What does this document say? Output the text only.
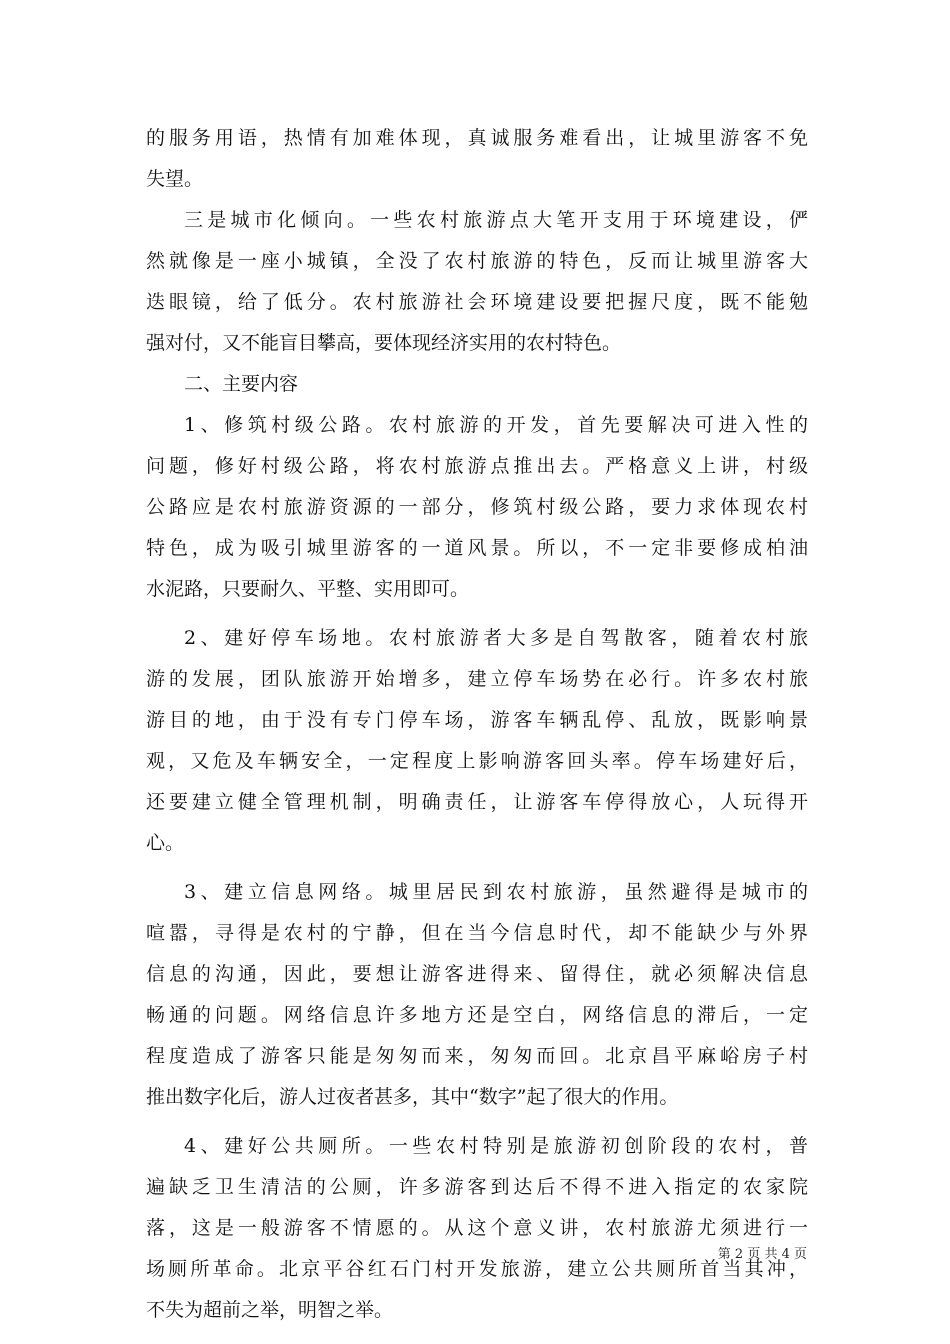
的服务用语，热情有加难体现，真诚服务难看出，让城里游客不免
失望。
三是城市化倾向。一些农村旅游点大笔开支用于环境建设，俨
然就像是一座小城镇，全没了农村旅游的特色，反而让城里游客大
迭眼镜，给了低分。农村旅游社会环境建设要把握尺度，既不能勉
强对付，又不能盲目攀高，要体现经济实用的农村特色。
二、主要内容
1、修筑村级公路。农村旅游的开发，首先要解决可进入性的
问题，修好村级公路，将农村旅游点推出去。严格意义上讲，村级
公路应是农村旅游资源的一部分，修筑村级公路，要力求体现农村
特色，成为吸引城里游客的一道风景。所以，不一定非要修成柏油
水泥路，只要耐久、平整、实用即可。
2、建好停车场地。农村旅游者大多是自驾散客，随着农村旅
游的发展，团队旅游开始增多，建立停车场势在必行。许多农村旅
游目的地，由于没有专门停车场，游客车辆乱停、乱放，既影响景
观，又危及车辆安全，一定程度上影响游客回头率。停车场建好后，
还要建立健全管理机制，明确责任，让游客车停得放心，人玩得开
心。
3、建立信息网络。城里居民到农村旅游，虽然避得是城市的
喧嚣，寻得是农村的宁静，但在当今信息时代，却不能缺少与外界
信息的沟通，因此，要想让游客进得来、留得住，就必须解决信息
畅通的问题。网络信息许多地方还是空白，网络信息的滞后，一定
程度造成了游客只能是匆匆而来，匆匆而回。北京昌平麻峪房子村
推出数字化后，游人过夜者甚多，其中“数字”起了很大的作用。
4、建好公共厕所。一些农村特别是旅游初创阶段的农村，普
遍缺乏卫生清洁的公厕，许多游客到达后不得不进入指定的农家院
落，这是一般游客不情愿的。从这个意义讲，农村旅游尤须进行一
场厕所革命。北京平谷红石门村开发旅游，建立公共厕所首当其冲，
不失为超前之举，明智之举。
第 2 页 共 4 页
